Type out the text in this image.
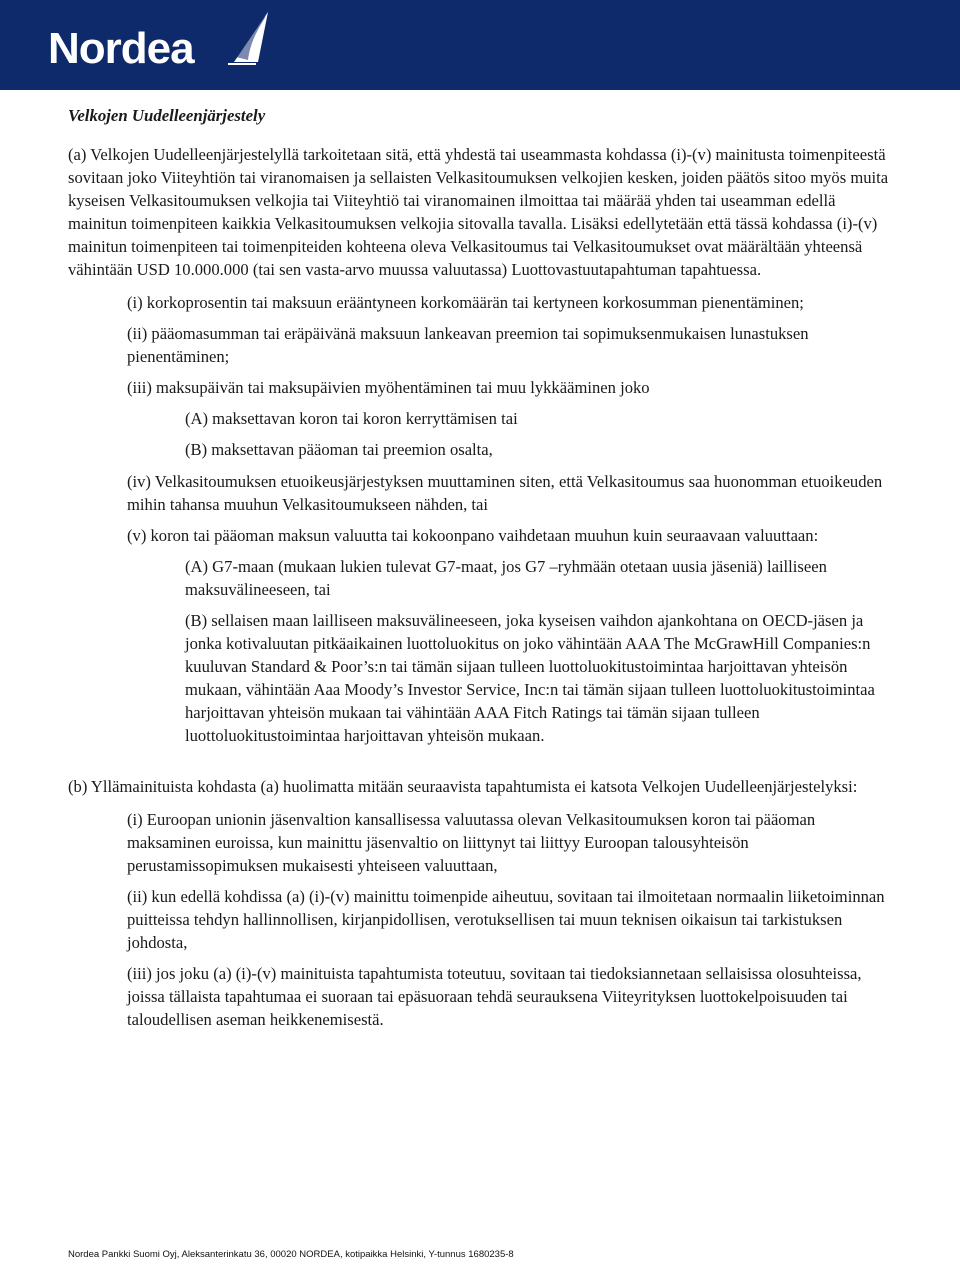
Nordea

Velkojen Uudelleenjärjestely

(a) Velkojen Uudelleenjärjestelyllä tarkoitetaan sitä, että yhdestä tai useammasta kohdassa (i)-(v) mainitusta toimenpiteestä sovitaan joko Viiteyhtiön tai viranomaisen ja sellaisten Velkasitoumuksen velkojien kesken, joiden päätös sitoo myös muita kyseisen Velkasitoumuksen velkojia tai Viiteyhtiö tai viranomainen ilmoittaa tai määrää yhden tai useamman edellä mainitun toimenpiteen kaikkia Velkasitoumuksen velkojia sitovalla tavalla. Lisäksi edellytetään että tässä kohdassa (i)-(v) mainitun toimenpiteen tai toimenpiteiden kohteena oleva Velkasitoumus tai Velkasitoumukset ovat määrältään yhteensä vähintään USD 10.000.000 (tai sen vasta-arvo muussa valuutassa) Luottovastuutapahtuman tapahtuessa.

(i) korkoprosentin tai maksuun erääntyneen korkomäärän tai kertyneen korkosumman pienentäminen;

(ii) pääomasumman tai eräpäivänä maksuun lankeavan preemion tai sopimuksenmukaisen lunastuksen pienentäminen;

(iii) maksupäivän tai maksupäivien myöhentäminen tai muu lykkääminen joko

(A) maksettavan koron tai koron kerryttämisen tai

(B) maksettavan pääoman tai preemion osalta,

(iv) Velkasitoumuksen etuoikeusjärjestyksen muuttaminen siten, että Velkasitoumus saa huonomman etuoikeuden mihin tahansa muuhun Velkasitoumukseen nähden, tai

(v) koron tai pääoman maksun valuutta tai kokoonpano vaihdetaan muuhun kuin seuraavaan valuuttaan:

(A) G7-maan (mukaan lukien tulevat G7-maat, jos G7 –ryhmään otetaan uusia jäseniä) lailliseen maksuvälineeseen, tai

(B) sellaisen maan lailliseen maksuvälineeseen, joka kyseisen vaihdon ajankohtana on OECD-jäsen ja jonka kotivaluutan pitkäaikainen luottoluokitus on joko vähintään AAA The McGrawHill Companies:n kuuluvan Standard & Poor’s:n tai tämän sijaan tulleen luottoluokitustoimintaa harjoittavan yhteisön mukaan, vähintään Aaa Moody’s Investor Service, Inc:n tai tämän sijaan tulleen luottoluokitustoimintaa harjoittavan yhteisön mukaan tai vähintään AAA Fitch Ratings tai tämän sijaan tulleen luottoluokitustoimintaa harjoittavan yhteisön mukaan.

(b) Yllämainituista kohdasta (a) huolimatta mitään seuraavista tapahtumista ei katsota Velkojen Uudelleenjärjestelyksi:

(i) Euroopan unionin jäsenvaltion kansallisessa valuutassa olevan Velkasitoumuksen koron tai pääoman maksaminen euroissa, kun mainittu jäsenvaltio on liittynyt tai liittyy Euroopan talousyhteisön perustamissopimuksen mukaisesti yhteiseen valuuttaan,

(ii) kun edellä kohdissa (a) (i)-(v) mainittu toimenpide aiheutuu, sovitaan tai ilmoitetaan normaalin liiketoiminnan puitteissa tehdyn hallinnollisen, kirjanpidollisen, verotuksellisen tai muun teknisen oikaisun tai tarkistuksen johdosta,

(iii) jos joku (a) (i)-(v) mainituista tapahtumista toteutuu, sovitaan tai tiedoksiannetaan sellaisissa olosuhteissa, joissa tällaista tapahtumaa ei suoraan tai epäsuoraan tehdä seurauksena Viiteyrityksen luottokelpoisuuden tai taloudellisen aseman heikkenemisestä.

Nordea Pankki Suomi Oyj, Aleksanterinkatu 36, 00020 NORDEA, kotipaikka Helsinki, Y-tunnus 1680235-8
